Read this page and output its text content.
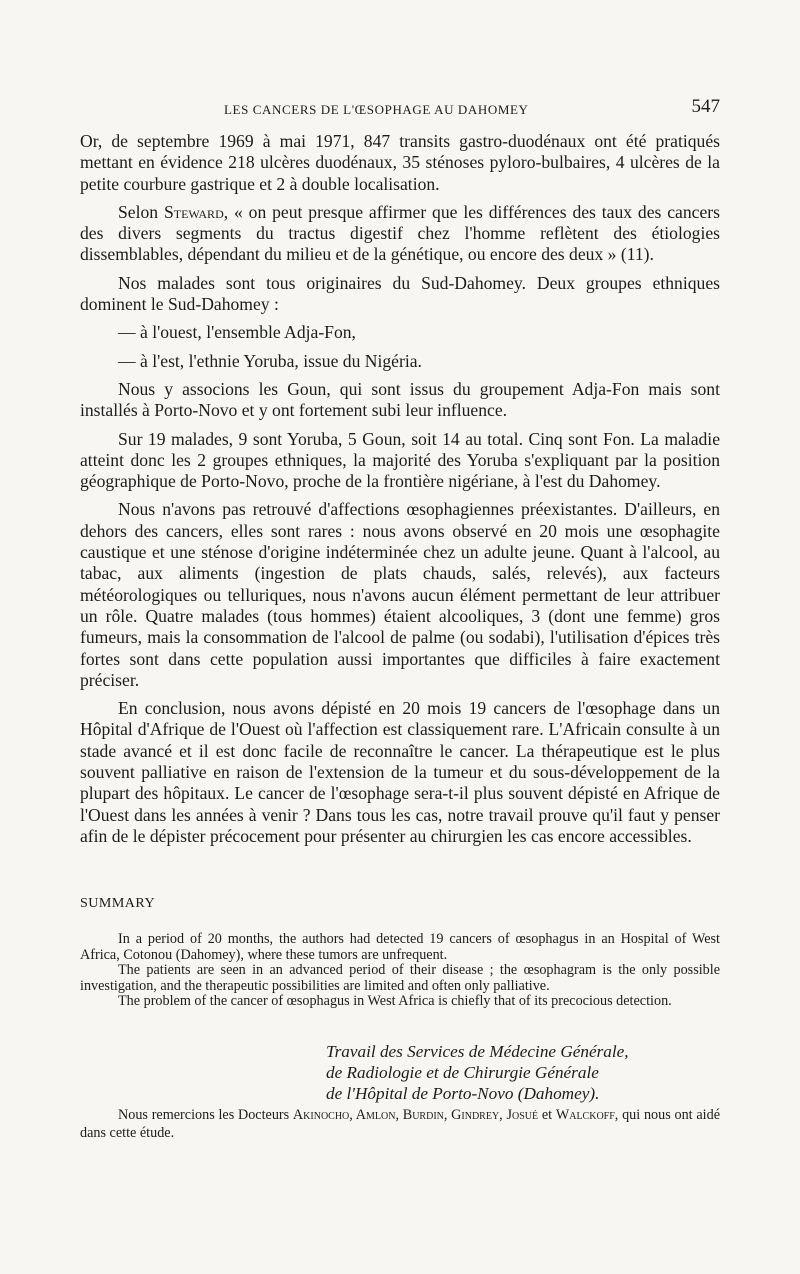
LES CANCERS DE L'ŒSOPHAGE AU DAHOMEY	547

Or, de septembre 1969 à mai 1971, 847 transits gastro-duodénaux ont été pratiqués mettant en évidence 218 ulcères duodénaux, 35 sténoses pyloro-bulbaires, 4 ulcères de la petite courbure gastrique et 2 à double localisation.

Selon Steward, « on peut presque affirmer que les différences des taux des cancers des divers segments du tractus digestif chez l'homme reflètent des étiologies dissemblables, dépendant du milieu et de la génétique, ou encore des deux » (11).

Nos malades sont tous originaires du Sud-Dahomey. Deux groupes ethniques dominent le Sud-Dahomey :

— à l'ouest, l'ensemble Adja-Fon,

— à l'est, l'ethnie Yoruba, issue du Nigéria.

Nous y associons les Goun, qui sont issus du groupement Adja-Fon mais sont installés à Porto-Novo et y ont fortement subi leur influence.

Sur 19 malades, 9 sont Yoruba, 5 Goun, soit 14 au total. Cinq sont Fon. La maladie atteint donc les 2 groupes ethniques, la majorité des Yoruba s'expliquant par la position géographique de Porto-Novo, proche de la frontière nigériane, à l'est du Dahomey.

Nous n'avons pas retrouvé d'affections œsophagiennes préexistantes. D'ailleurs, en dehors des cancers, elles sont rares : nous avons observé en 20 mois une œsophagite caustique et une sténose d'origine indéterminée chez un adulte jeune. Quant à l'alcool, au tabac, aux aliments (ingestion de plats chauds, salés, relevés), aux facteurs météorologiques ou telluriques, nous n'avons aucun élément permettant de leur attribuer un rôle. Quatre malades (tous hommes) étaient alcooliques, 3 (dont une femme) gros fumeurs, mais la consommation de l'alcool de palme (ou sodabi), l'utilisation d'épices très fortes sont dans cette population aussi importantes que difficiles à faire exactement préciser.

En conclusion, nous avons dépisté en 20 mois 19 cancers de l'œsophage dans un Hôpital d'Afrique de l'Ouest où l'affection est classiquement rare. L'Africain consulte à un stade avancé et il est donc facile de reconnaître le cancer. La thérapeutique est le plus souvent palliative en raison de l'extension de la tumeur et du sous-développement de la plupart des hôpitaux. Le cancer de l'œsophage sera-t-il plus souvent dépisté en Afrique de l'Ouest dans les années à venir ? Dans tous les cas, notre travail prouve qu'il faut y penser afin de le dépister précocement pour présenter au chirurgien les cas encore accessibles.

SUMMARY

In a period of 20 months, the authors had detected 19 cancers of œsophagus in an Hospital of West Africa, Cotonou (Dahomey), where these tumors are unfrequent.

The patients are seen in an advanced period of their disease ; the œsophagram is the only possible investigation, and the therapeutic possibilities are limited and often only palliative.

The problem of the cancer of œsophagus in West Africa is chiefly that of its precocious detection.

Travail des Services de Médecine Générale,
de Radiologie et de Chirurgie Générale
de l'Hôpital de Porto-Novo (Dahomey).

Nous remercions les Docteurs Akinocho, Amlon, Burdin, Gindrey, Josué et Walckoff, qui nous ont aidé dans cette étude.
